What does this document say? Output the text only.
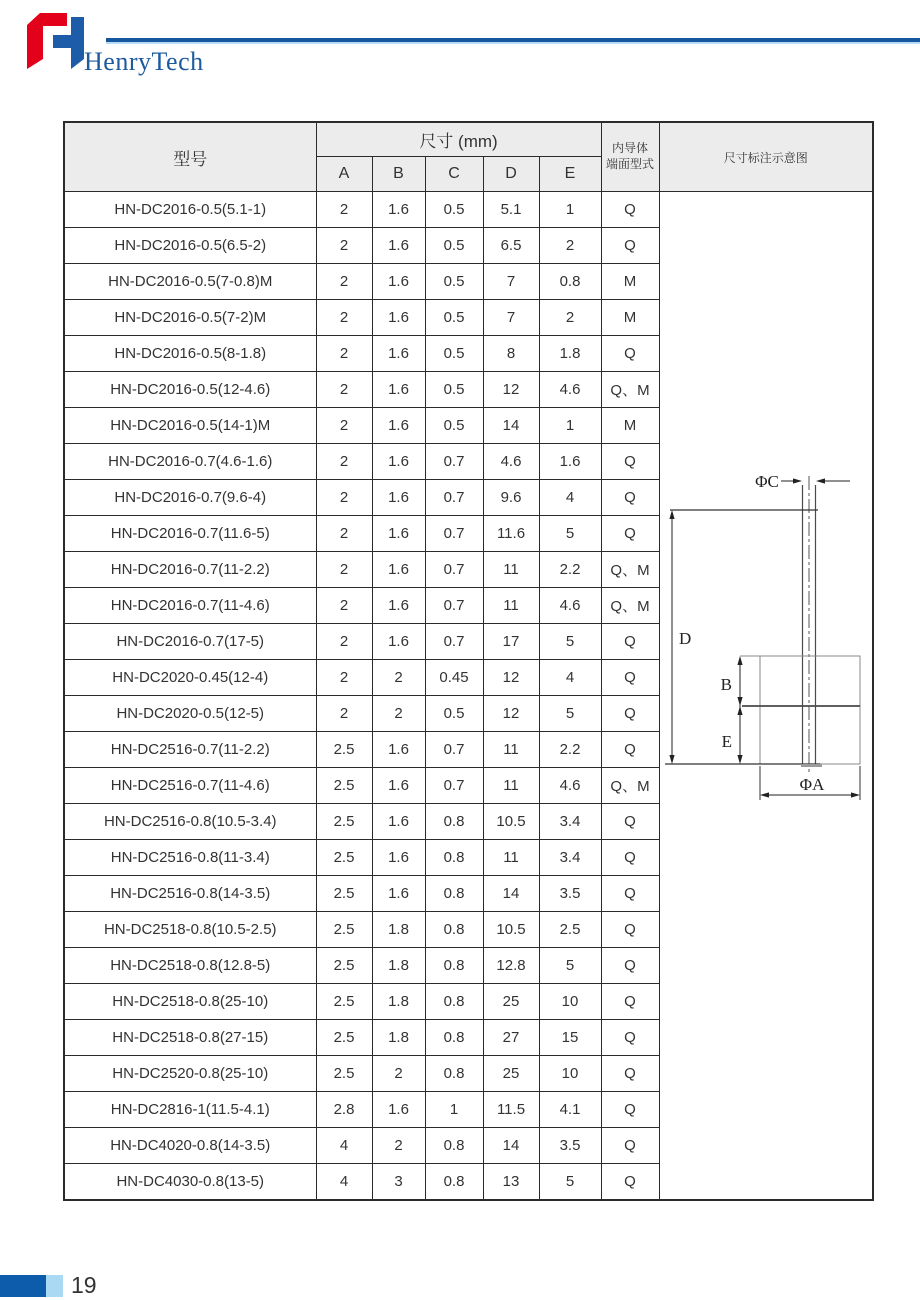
HenryTech
型号	尺寸 (mm)					内导体
端面型式	尺寸标注示意图
	A	B	C	D	E		
HN-DC2016-0.5(5.1-1)	2	1.6	0.5	5.1	1	Q	ΦC
D
B
E
ΦA

HN-DC2016-0.5(6.5-2)	2	1.6	0.5	6.5	2	Q	
HN-DC2016-0.5(7-0.8)M	2	1.6	0.5	7	0.8	M	
HN-DC2016-0.5(7-2)M	2	1.6	0.5	7	2	M	
HN-DC2016-0.5(8-1.8)	2	1.6	0.5	8	1.8	Q	
HN-DC2016-0.5(12-4.6)	2	1.6	0.5	12	4.6	Q、M	
HN-DC2016-0.5(14-1)M	2	1.6	0.5	14	1	M	
HN-DC2016-0.7(4.6-1.6)	2	1.6	0.7	4.6	1.6	Q	
HN-DC2016-0.7(9.6-4)	2	1.6	0.7	9.6	4	Q	
HN-DC2016-0.7(11.6-5)	2	1.6	0.7	11.6	5	Q	
HN-DC2016-0.7(11-2.2)	2	1.6	0.7	11	2.2	Q、M	
HN-DC2016-0.7(11-4.6)	2	1.6	0.7	11	4.6	Q、M	
HN-DC2016-0.7(17-5)	2	1.6	0.7	17	5	Q	
HN-DC2020-0.45(12-4)	2	2	0.45	12	4	Q	
HN-DC2020-0.5(12-5)	2	2	0.5	12	5	Q	
HN-DC2516-0.7(11-2.2)	2.5	1.6	0.7	11	2.2	Q	
HN-DC2516-0.7(11-4.6)	2.5	1.6	0.7	11	4.6	Q、M	
HN-DC2516-0.8(10.5-3.4)	2.5	1.6	0.8	10.5	3.4	Q	
HN-DC2516-0.8(11-3.4)	2.5	1.6	0.8	11	3.4	Q	
HN-DC2516-0.8(14-3.5)	2.5	1.6	0.8	14	3.5	Q	
HN-DC2518-0.8(10.5-2.5)	2.5	1.8	0.8	10.5	2.5	Q	
HN-DC2518-0.8(12.8-5)	2.5	1.8	0.8	12.8	5	Q	
HN-DC2518-0.8(25-10)	2.5	1.8	0.8	25	10	Q	
HN-DC2518-0.8(27-15)	2.5	1.8	0.8	27	15	Q	
HN-DC2520-0.8(25-10)	2.5	2	0.8	25	10	Q	
HN-DC2816-1(11.5-4.1)	2.8	1.6	1	11.5	4.1	Q	
HN-DC4020-0.8(14-3.5)	4	2	0.8	14	3.5	Q	
HN-DC4030-0.8(13-5)	4	3	0.8	13	5	Q	
19
